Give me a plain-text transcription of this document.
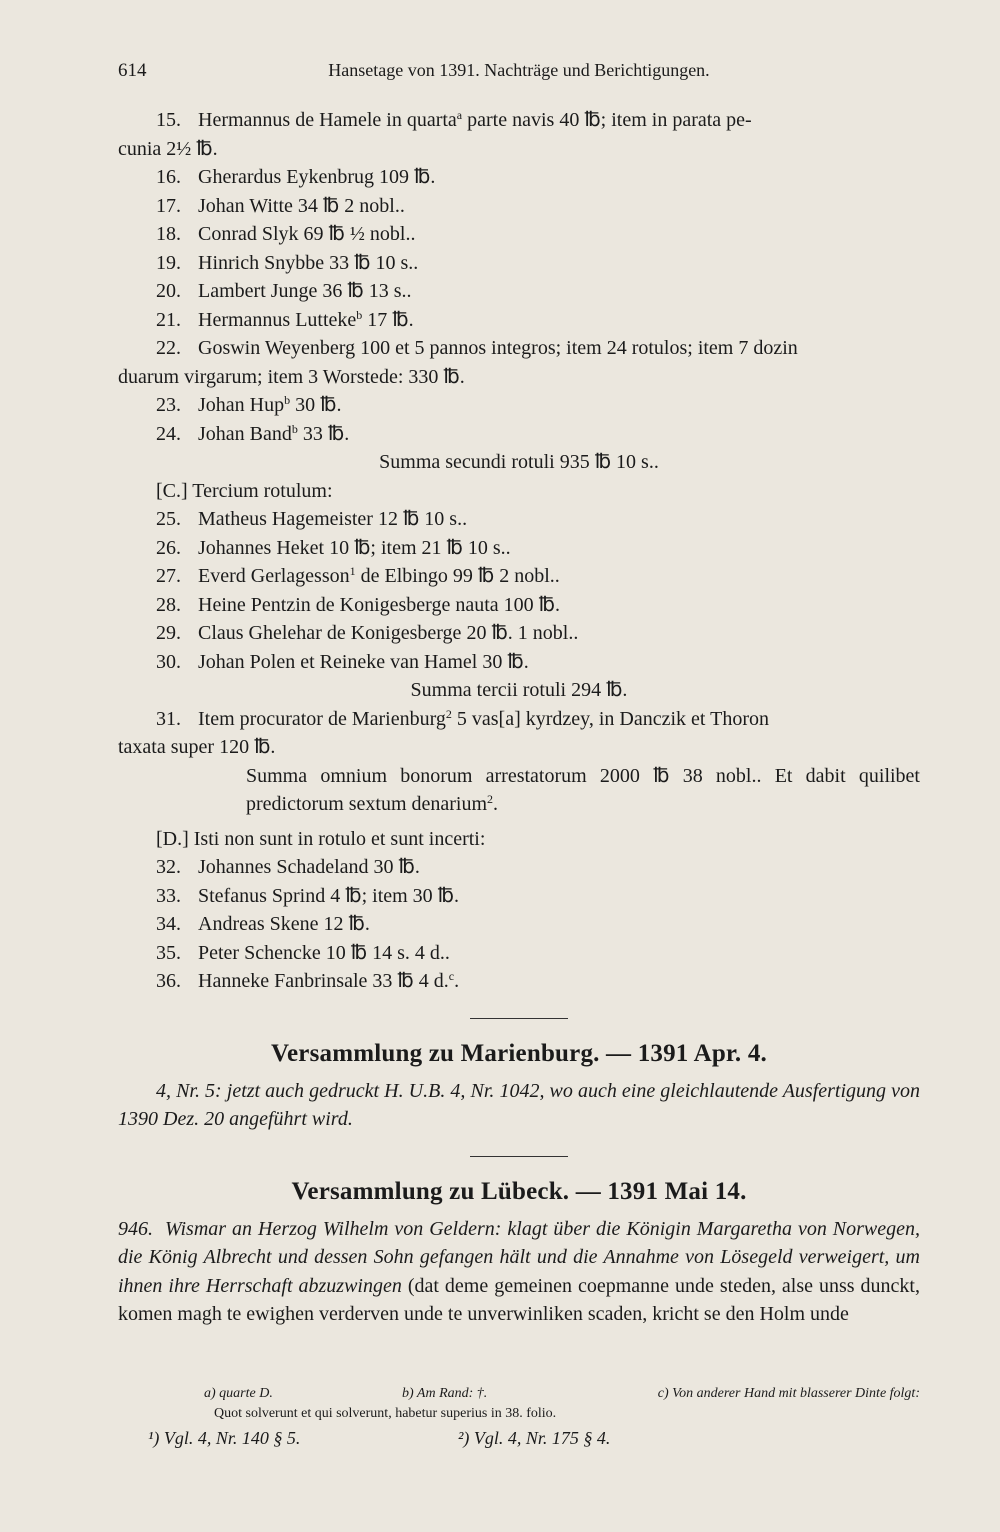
614	Hansetage von 1391. Nachträge und Berichtigungen.

15. Hermannus de Hamele in quarta$^a$ parte navis 40 ℔; item in parata pe-

cunia 2½ ℔.

16. Gherardus Eykenbrug 109 ℔.

17. Johan Witte 34 ℔ 2 nobl..

18. Conrad Slyk 69 ℔ ½ nobl..

19. Hinrich Snybbe 33 ℔ 10 s..

20. Lambert Junge 36 ℔ 13 s..

21. Hermannus Lutteke$^b$ 17 ℔.

22. Goswin Weyenberg 100 et 5 pannos integros; item 24 rotulos; item 7 dozin

duarum virgarum; item 3 Worstede: 330 ℔.

23. Johan Hup$^b$ 30 ℔.

24. Johan Band$^b$ 33 ℔.

Summa secundi rotuli 935 ℔ 10 s..

[C.] Tercium rotulum:

25. Matheus Hagemeister 12 ℔ 10 s..

26. Johannes Heket 10 ℔; item 21 ℔ 10 s..

27. Everd Gerlagesson$^1$ de Elbingo 99 ℔ 2 nobl..

28. Heine Pentzin de Konigesberge nauta 100 ℔.

29. Claus Ghelehar de Konigesberge 20 ℔. 1 nobl..

30. Johan Polen et Reineke van Hamel 30 ℔.

Summa tercii rotuli 294 ℔.

31. Item procurator de Marienburg$^2$ 5 vas[a] kyrdzey, in Danczik et Thoron

taxata super 120 ℔.

Summa omnium bonorum arrestatorum 2000 ℔ 38 nobl.. Et dabit quilibet predictorum sextum denarium$^2$.

[D.] Isti non sunt in rotulo et sunt incerti:

32. Johannes Schadeland 30 ℔.

33. Stefanus Sprind 4 ℔; item 30 ℔.

34. Andreas Skene 12 ℔.

35. Peter Schencke 10 ℔ 14 s. 4 d..

36. Hanneke Fanbrinsale 33 ℔ 4 d.$^c$.

Versammlung zu Marienburg. — 1391 Apr. 4.

4, Nr. 5: jetzt auch gedruckt H. U.B. 4, Nr. 1042, wo auch eine gleichlautende Ausfertigung von 1390 Dez. 20 angeführt wird.

Versammlung zu Lübeck. — 1391 Mai 14.

946. Wismar an Herzog Wilhelm von Geldern: klagt über die Königin Margaretha von Norwegen, die König Albrecht und dessen Sohn gefangen hält und die Annahme von Lösegeld verweigert, um ihnen ihre Herrschaft abzuzwingen (dat deme gemeinen coepmanne unde steden, alse unss dunckt, komen magh te ewighen verderven unde te unverwinliken scaden, kricht se den Holm unde

a) quarte D.	b) Am Rand: †.	c) Von anderer Hand mit blasserer Dinte folgt:
Quot solverunt et qui solverunt, habetur superius in 38. folio.
¹) Vgl. 4, Nr. 140 § 5.	²) Vgl. 4, Nr. 175 § 4.
